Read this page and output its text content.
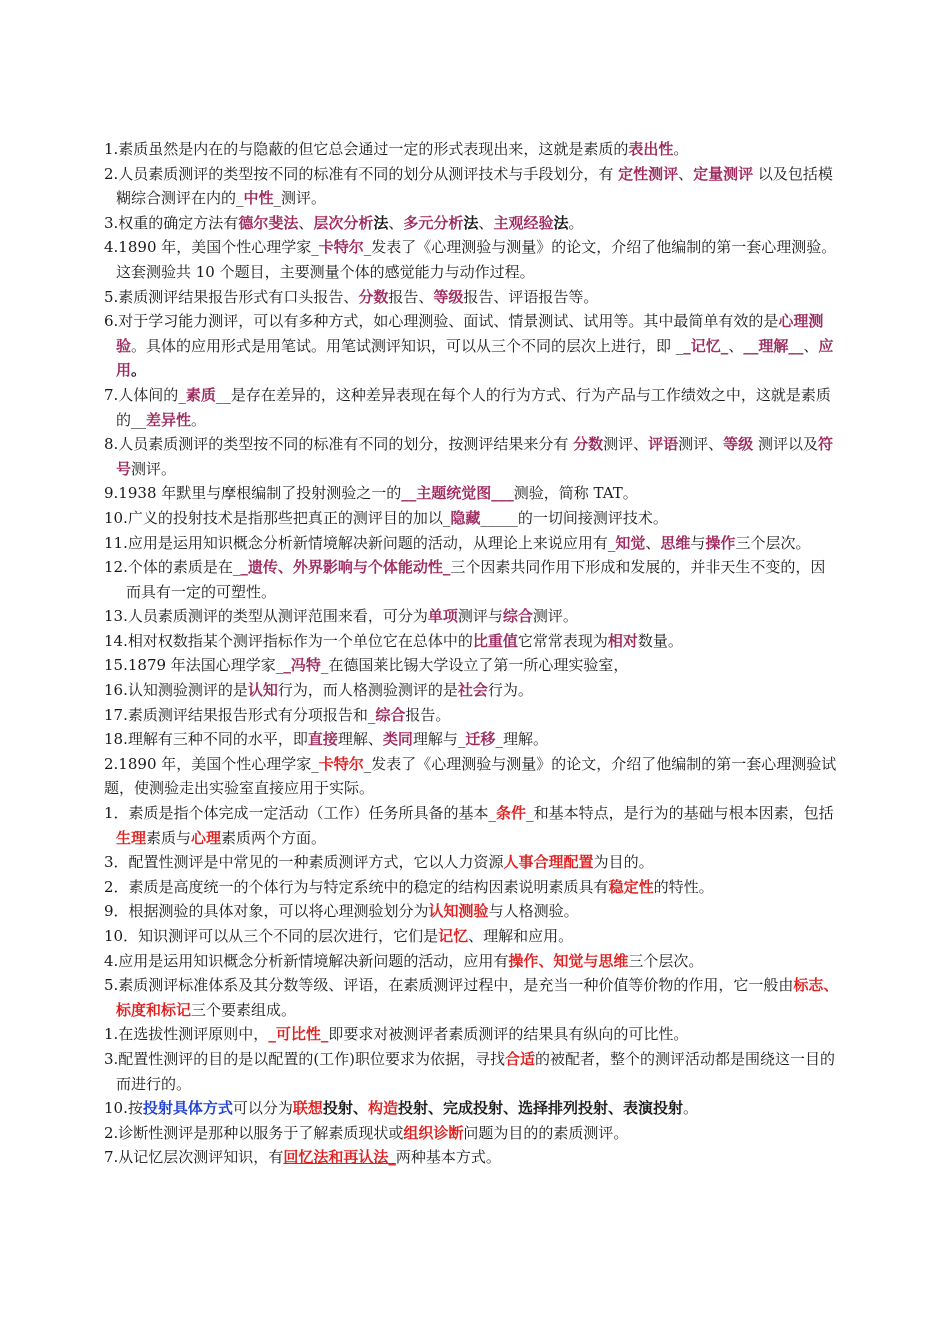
1.素质虽然是内在的与隐蔽的但它总会通过一定的形式表现出来，这就是素质的表出性。
2.人员素质测评的类型按不同的标准有不同的划分从测评技术与手段划分，有 定性测评、定量测评 以及包括模糊综合测评在内的_中性_测评。
3.权重的确定方法有德尔斐法、层次分析法、多元分析法、主观经验法。
4.1890 年，美国个性心理学家_卡特尔_发表了《心理测验与测量》的论文，介绍了他编制的第一套心理测验。这套测验共 10 个题目，主要测量个体的感觉能力与动作过程。
5.素质测评结果报告形式有口头报告、分数报告、等级报告、评语报告等。
6.对于学习能力测评，可以有多种方式，如心理测验、面试、情景测试、试用等。其中最简单有效的是心理测验。具体的应用形式是用笔试。用笔试测评知识，可以从三个不同的层次上进行，即 __记忆_、__理解__、应用。
7.人体间的_素质__是存在差异的，这种差异表现在每个人的行为方式、行为产品与工作绩效之中，这就是素质的__差异性。
8.人员素质测评的类型按不同的标准有不同的划分，按测评结果来分有 分数测评、评语测评、等级 测评以及符号测评。
9.1938 年默里与摩根编制了投射测验之一的__主题统觉图___测验，简称 TAT。
10.广义的投射技术是指那些把真正的测评目的加以_隐藏_____的一切间接测评技术。
11.应用是运用知识概念分析新情境解决新问题的活动，从理论上来说应用有_知觉、思维与操作三个层次。
12.个体的素质是在__遗传、外界影响与个体能动性_三个因素共同作用下形成和发展的，并非天生不变的，因而具有一定的可塑性。
13.人员素质测评的类型从测评范围来看，可分为单项测评与综合测评。
14.相对权数指某个测评指标作为一个单位它在总体中的比重值它常常表现为相对数量。
15.1879 年法国心理学家__冯特_在德国莱比锡大学设立了第一所心理实验室，
16.认知测验测评的是认知行为，而人格测验测评的是社会行为。
17.素质测评结果报告形式有分项报告和_综合报告。
18.理解有三种不同的水平，即直接理解、类同理解与_迁移_理解。
2.1890 年，美国个性心理学家_卡特尔_发表了《心理测验与测量》的论文，介绍了他编制的第一套心理测验试题，使测验走出实验室直接应用于实际。
1．素质是指个体完成一定活动（工作）任务所具备的基本_条件_和基本特点，是行为的基础与根本因素，包括生理素质与心理素质两个方面。
3．配置性测评是中常见的一种素质测评方式，它以人力资源人事合理配置为目的。
2．素质是高度统一的个体行为与特定系统中的稳定的结构因素说明素质具有稳定性的特性。
9．根据测验的具体对象，可以将心理测验划分为认知测验与人格测验。
10．知识测评可以从三个不同的层次进行，它们是记忆、理解和应用。
4.应用是运用知识概念分析新情境解决新问题的活动，应用有操作、知觉与思维三个层次。
5.素质测评标准体系及其分数等级、评语，在素质测评过程中，是充当一种价值等价物的作用，它一般由标志、标度和标记三个要素组成。
1.在选拔性测评原则中，_可比性_即要求对被测评者素质测评的结果具有纵向的可比性。
3.配置性测评的目的是以配置的(工作)职位要求为依据，寻找合适的被配者，整个的测评活动都是围绕这一目的而进行的。
10.按投射具体方式可以分为联想投射、构造投射、完成投射、选择排列投射、表演投射。
2.诊断性测评是那种以服务于了解素质现状或组织诊断问题为目的的素质测评。
7.从记忆层次测评知识，有回忆法和再认法_两种基本方式。
